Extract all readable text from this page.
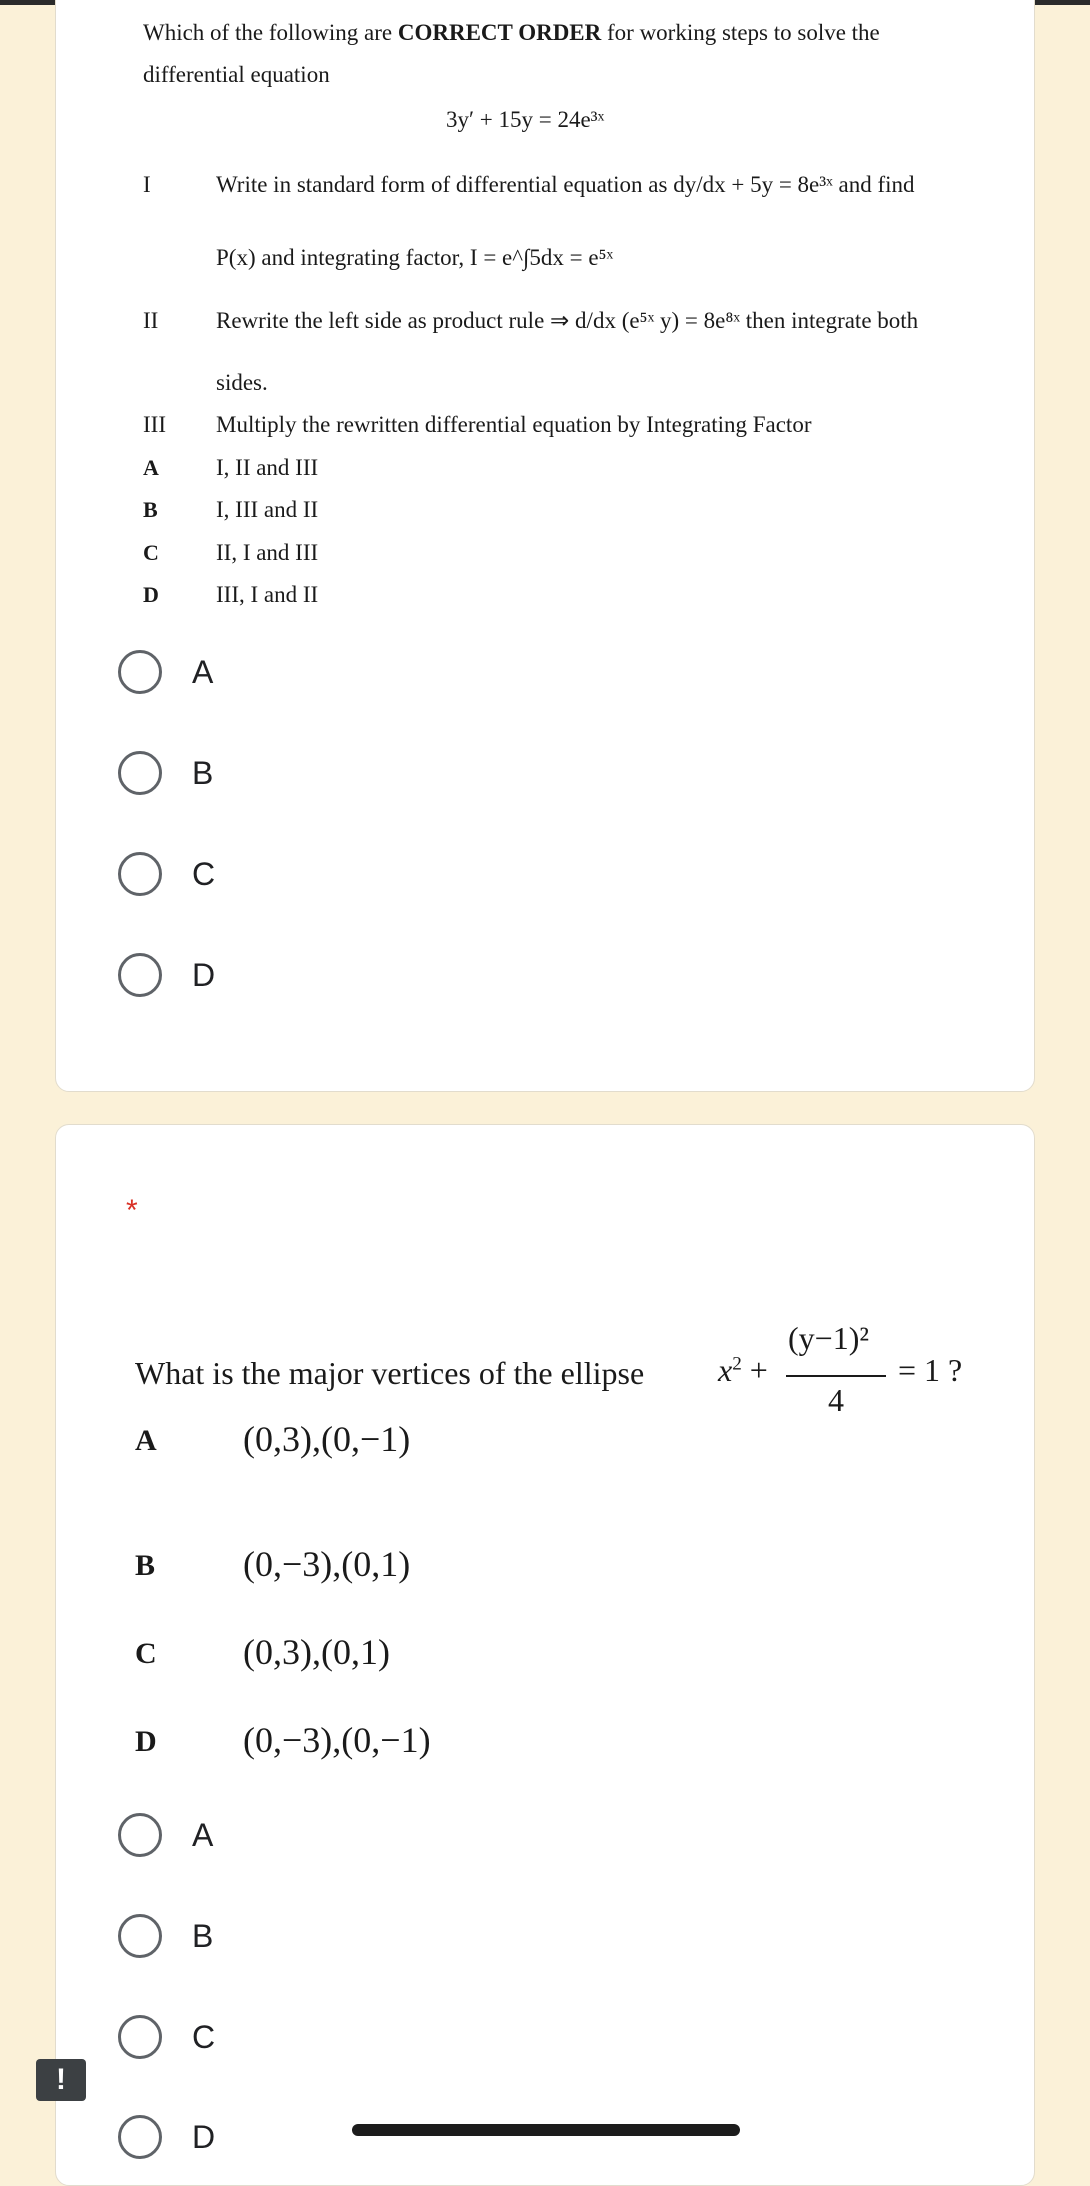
Which of the following are CORRECT ORDER for working steps to solve the
differential equation
3y′ + 15y = 24e³ˣ
I	Write in standard form of differential equation as dy/dx + 5y = 8e³ˣ and find
P(x) and integrating factor, I = e^∫5dx = e⁵ˣ
II	Rewrite the left side as product rule ⇒ d/dx (e⁵ˣ y) = 8e⁸ˣ then integrate both
sides.
III Multiply the rewritten differential equation by Integrating Factor
A I, II and III
B	I, III and II
C II, I and III
D III, I and II
A
B
C
D
*
What is the major vertices of the ellipse $x^2$ +
(y−1)²
4
= 1 ?
A (0,3),(0,−1)
B (0,−3),(0,1)
C (0,3),(0,1)
D (0,−3),(0,−1)
A
B
C
D
!
